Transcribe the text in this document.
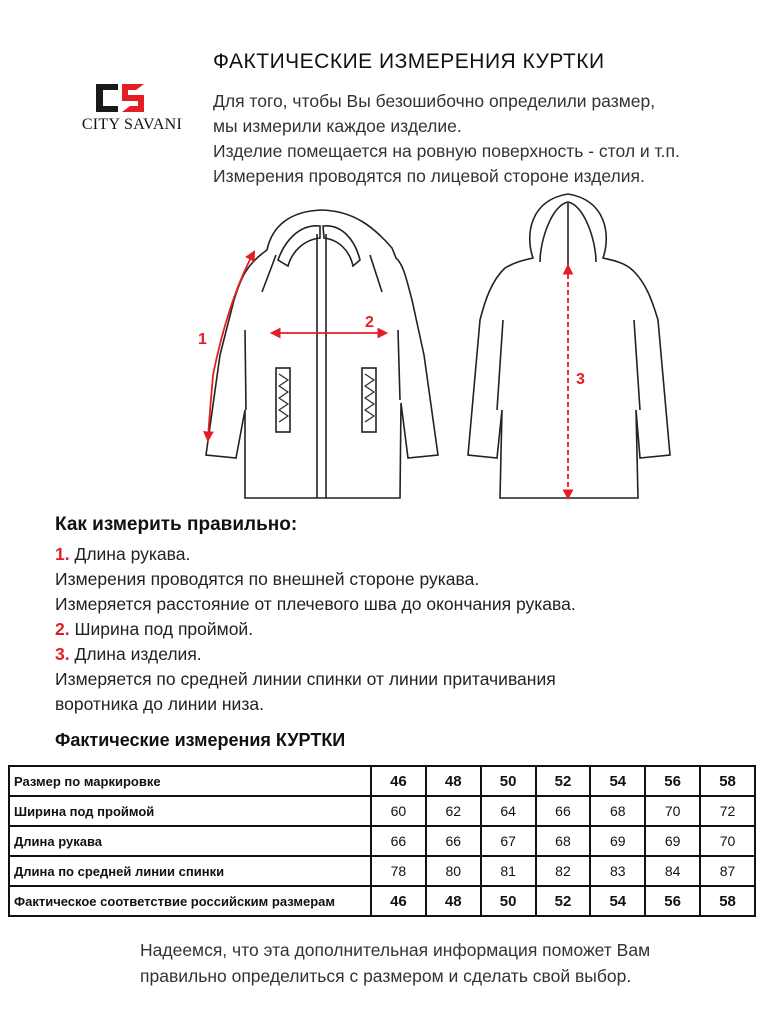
CITY SAVANI
ФАКТИЧЕСКИЕ ИЗМЕРЕНИЯ КУРТКИ
Для того, чтобы Вы безошибочно определили размер,
мы измерили каждое изделие.
Изделие помещается на ровную поверхность - стол и т.п.
Измерения проводятся по лицевой стороне изделия.
1
2
3
Как измерить правильно:
1. Длина рукава.
Измерения проводятся по внешней стороне рукава.
Измеряется расстояние от плечевого шва до окончания рукава.
2. Ширина под проймой.
3. Длина изделия.
Измеряется по средней линии спинки от линии притачивания
воротника до линии низа.
Фактические измерения КУРТКИ
Размер по маркировке	46	48	50	52	54	56	58
Ширина под проймой	60	62	64	66	68	70	72
Длина рукава	66	66	67	68	69	69	70
Длина по средней линии спинки	78	80	81	82	83	84	87
Фактическое соответствие российским размерам	46	48	50	52	54	56	58
Надеемся, что эта дополнительная информация поможет Вам
правильно определиться с размером и сделать свой выбор.
